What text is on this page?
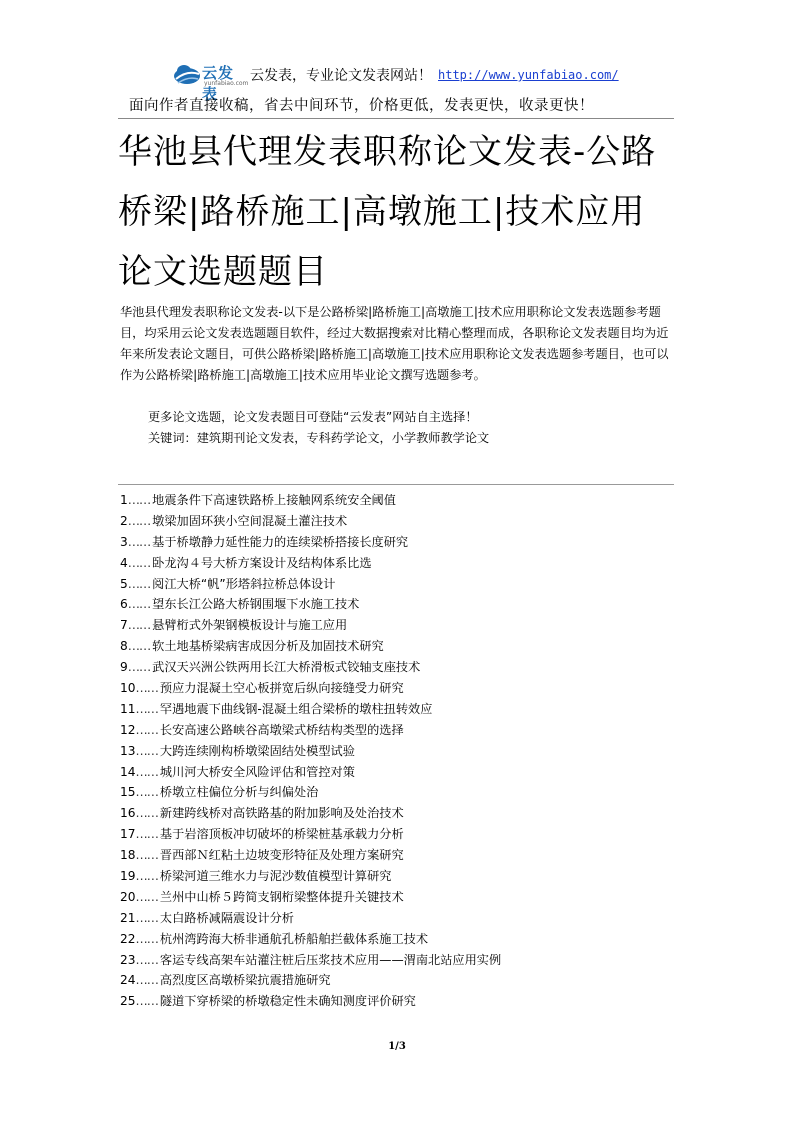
云发表
yunfabiao.com 云发表，专业论文发表网站！ http://www.yunfabiao.com/
面向作者直接收稿，省去中间环节，价格更低，发表更快，收录更快！
华池县代理发表职称论文发表-公路桥梁|路桥施工|高墩施工|技术应用论文选题题目

华池县代理发表职称论文发表-以下是公路桥梁|路桥施工|高墩施工|技术应用职称论文发表选题参考题目，均采用云论文发表选题题目软件，经过大数据搜索对比精心整理而成，各职称论文发表题目均为近年来所发表论文题目，可供公路桥梁|路桥施工|高墩施工|技术应用职称论文发表选题参考题目，也可以作为公路桥梁|路桥施工|高墩施工|技术应用毕业论文撰写选题参考。

更多论文选题，论文发表题目可登陆“云发表”网站自主选择！
关键词：建筑期刊论文发表，专科药学论文，小学教师教学论文
1…… 地震条件下高速铁路桥上接触网系统安全阈值
2…… 墩梁加固环狭小空间混凝土灌注技术
3…… 基于桥墩静力延性能力的连续梁桥搭接长度研究
4…… 卧龙沟４号大桥方案设计及结构体系比选
5…… 阅江大桥“帆”形塔斜拉桥总体设计
6…… 望东长江公路大桥钢围堰下水施工技术
7…… 悬臂桁式外架钢模板设计与施工应用
8…… 软土地基桥梁病害成因分析及加固技术研究
9…… 武汉天兴洲公铁两用长江大桥滑板式铰轴支座技术
10…… 预应力混凝土空心板拼宽后纵向接缝受力研究
11…… 罕遇地震下曲线钢-混凝土组合梁桥的墩柱扭转效应
12…… 长安高速公路峡谷高墩梁式桥结构类型的选择
13…… 大跨连续刚构桥墩梁固结处模型试验
14…… 城川河大桥安全风险评估和管控对策
15…… 桥墩立柱偏位分析与纠偏处治
16…… 新建跨线桥对高铁路基的附加影响及处治技术
17…… 基于岩溶顶板冲切破坏的桥梁桩基承载力分析
18…… 晋西部Ｎ红粘土边坡变形特征及处理方案研究
19…… 桥梁河道三维水力与泥沙数值模型计算研究
20…… 兰州中山桥５跨简支钢桁梁整体提升关键技术
21…… 太白路桥减隔震设计分析
22…… 杭州湾跨海大桥非通航孔桥船舶拦截体系施工技术
23…… 客运专线高架车站灌注桩后压浆技术应用——渭南北站应用实例
24…… 高烈度区高墩桥梁抗震措施研究
25…… 隧道下穿桥梁的桥墩稳定性未确知测度评价研究
1/3
